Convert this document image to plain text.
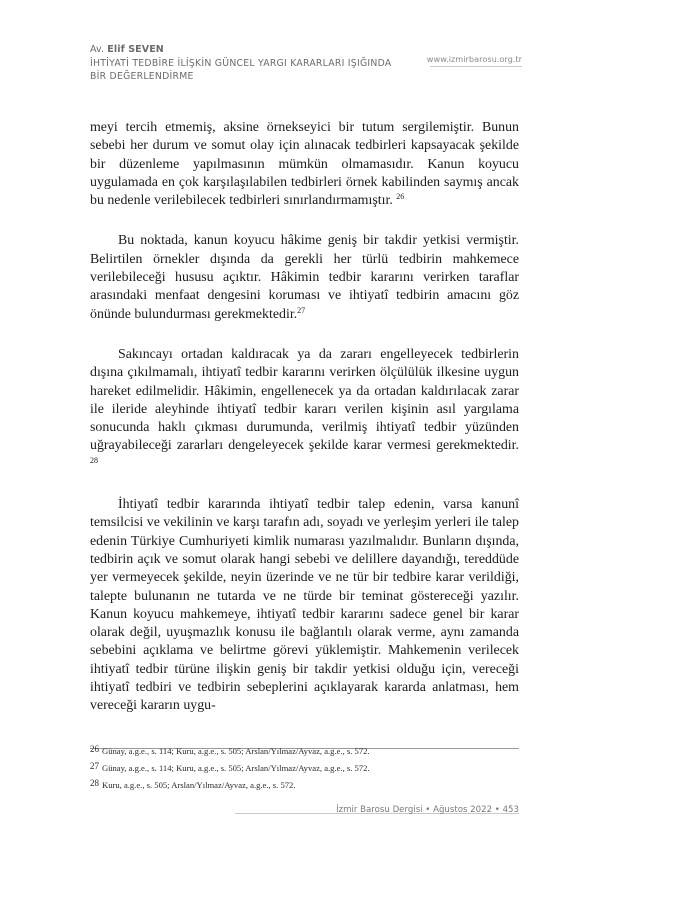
Av. Elif SEVEN
İHTİYATİ TEDBİRE İLİŞKİN GÜNCEL YARGI KARARLARI IŞIĞINDA
BİR DEĞERLENDİRME
www.izmirbarosu.org.tr

meyi tercih etmemiş, aksine örnekseyici bir tutum sergilemiştir. Bunun sebebi her durum ve somut olay için alınacak tedbirleri kapsayacak şekilde bir düzenleme yapılmasının mümkün olmamasıdır. Kanun koyucu uygulamada en çok karşılaşılabilen tedbirleri örnek kabilinden saymış ancak bu nedenle verilebilecek tedbirleri sınırlandırmamıştır. $^{26}$

Bu noktada, kanun koyucu hâkime geniş bir takdir yetkisi vermiştir. Belirtilen örnekler dışında da gerekli her türlü tedbirin mahkemece verilebileceği hususu açıktır. Hâkimin tedbir kararını verirken taraflar arasındaki menfaat dengesini koruması ve ihtiyatî tedbirin amacını göz önünde bulundurması gerekmektedir.$^{27}$

Sakıncayı ortadan kaldıracak ya da zararı engelleyecek tedbirlerin dışına çıkılmamalı, ihtiyatî tedbir kararını verirken ölçülülük ilkesine uygun hareket edilmelidir. Hâkimin, engellenecek ya da ortadan kaldırılacak zarar ile ileride aleyhinde ihtiyatî tedbir kararı verilen kişinin asıl yargılama sonucunda haklı çıkması durumunda, verilmiş ihtiyatî tedbir yüzünden uğrayabileceği zararları dengeleyecek şekilde karar vermesi gerekmektedir. $^{28}$

İhtiyatî tedbir kararında ihtiyatî tedbir talep edenin, varsa kanunî temsilcisi ve vekilinin ve karşı tarafın adı, soyadı ve yerleşim yerleri ile talep edenin Türkiye Cumhuriyeti kimlik numarası yazılmalıdır. Bunların dışında, tedbirin açık ve somut olarak hangi sebebi ve delillere dayandığı, tereddüde yer vermeyecek şekilde, neyin üzerinde ve ne tür bir tedbire karar verildiği, talepte bulunanın ne tutarda ve ne türde bir teminat göstereceği yazılır. Kanun koyucu mahkemeye, ihtiyatî tedbir kararını sadece genel bir karar olarak değil, uyuşmazlık konusu ile bağlantılı olarak verme, aynı zamanda sebebini açıklama ve belirtme görevi yüklemiştir. Mahkemenin verilecek ihtiyatî tedbir türüne ilişkin geniş bir takdir yetkisi olduğu için, vereceği ihtiyatî tedbiri ve tedbirin sebeplerini açıklayarak kararda anlatması, hem vereceği kararın uygu-

$^{26}$ Günay, a.g.e., s. 114; Kuru, a.g.e., s. 505; Arslan/Yılmaz/Ayvaz, a.g.e., s. 572.
$^{27}$ Günay, a.g.e., s. 114; Kuru, a.g.e., s. 505; Arslan/Yılmaz/Ayvaz, a.g.e., s. 572.
$^{28}$ Kuru, a.g.e., s. 505; Arslan/Yılmaz/Ayvaz, a.g.e., s. 572.
İzmir Barosu Dergisi • Ağustos 2022 • 453
